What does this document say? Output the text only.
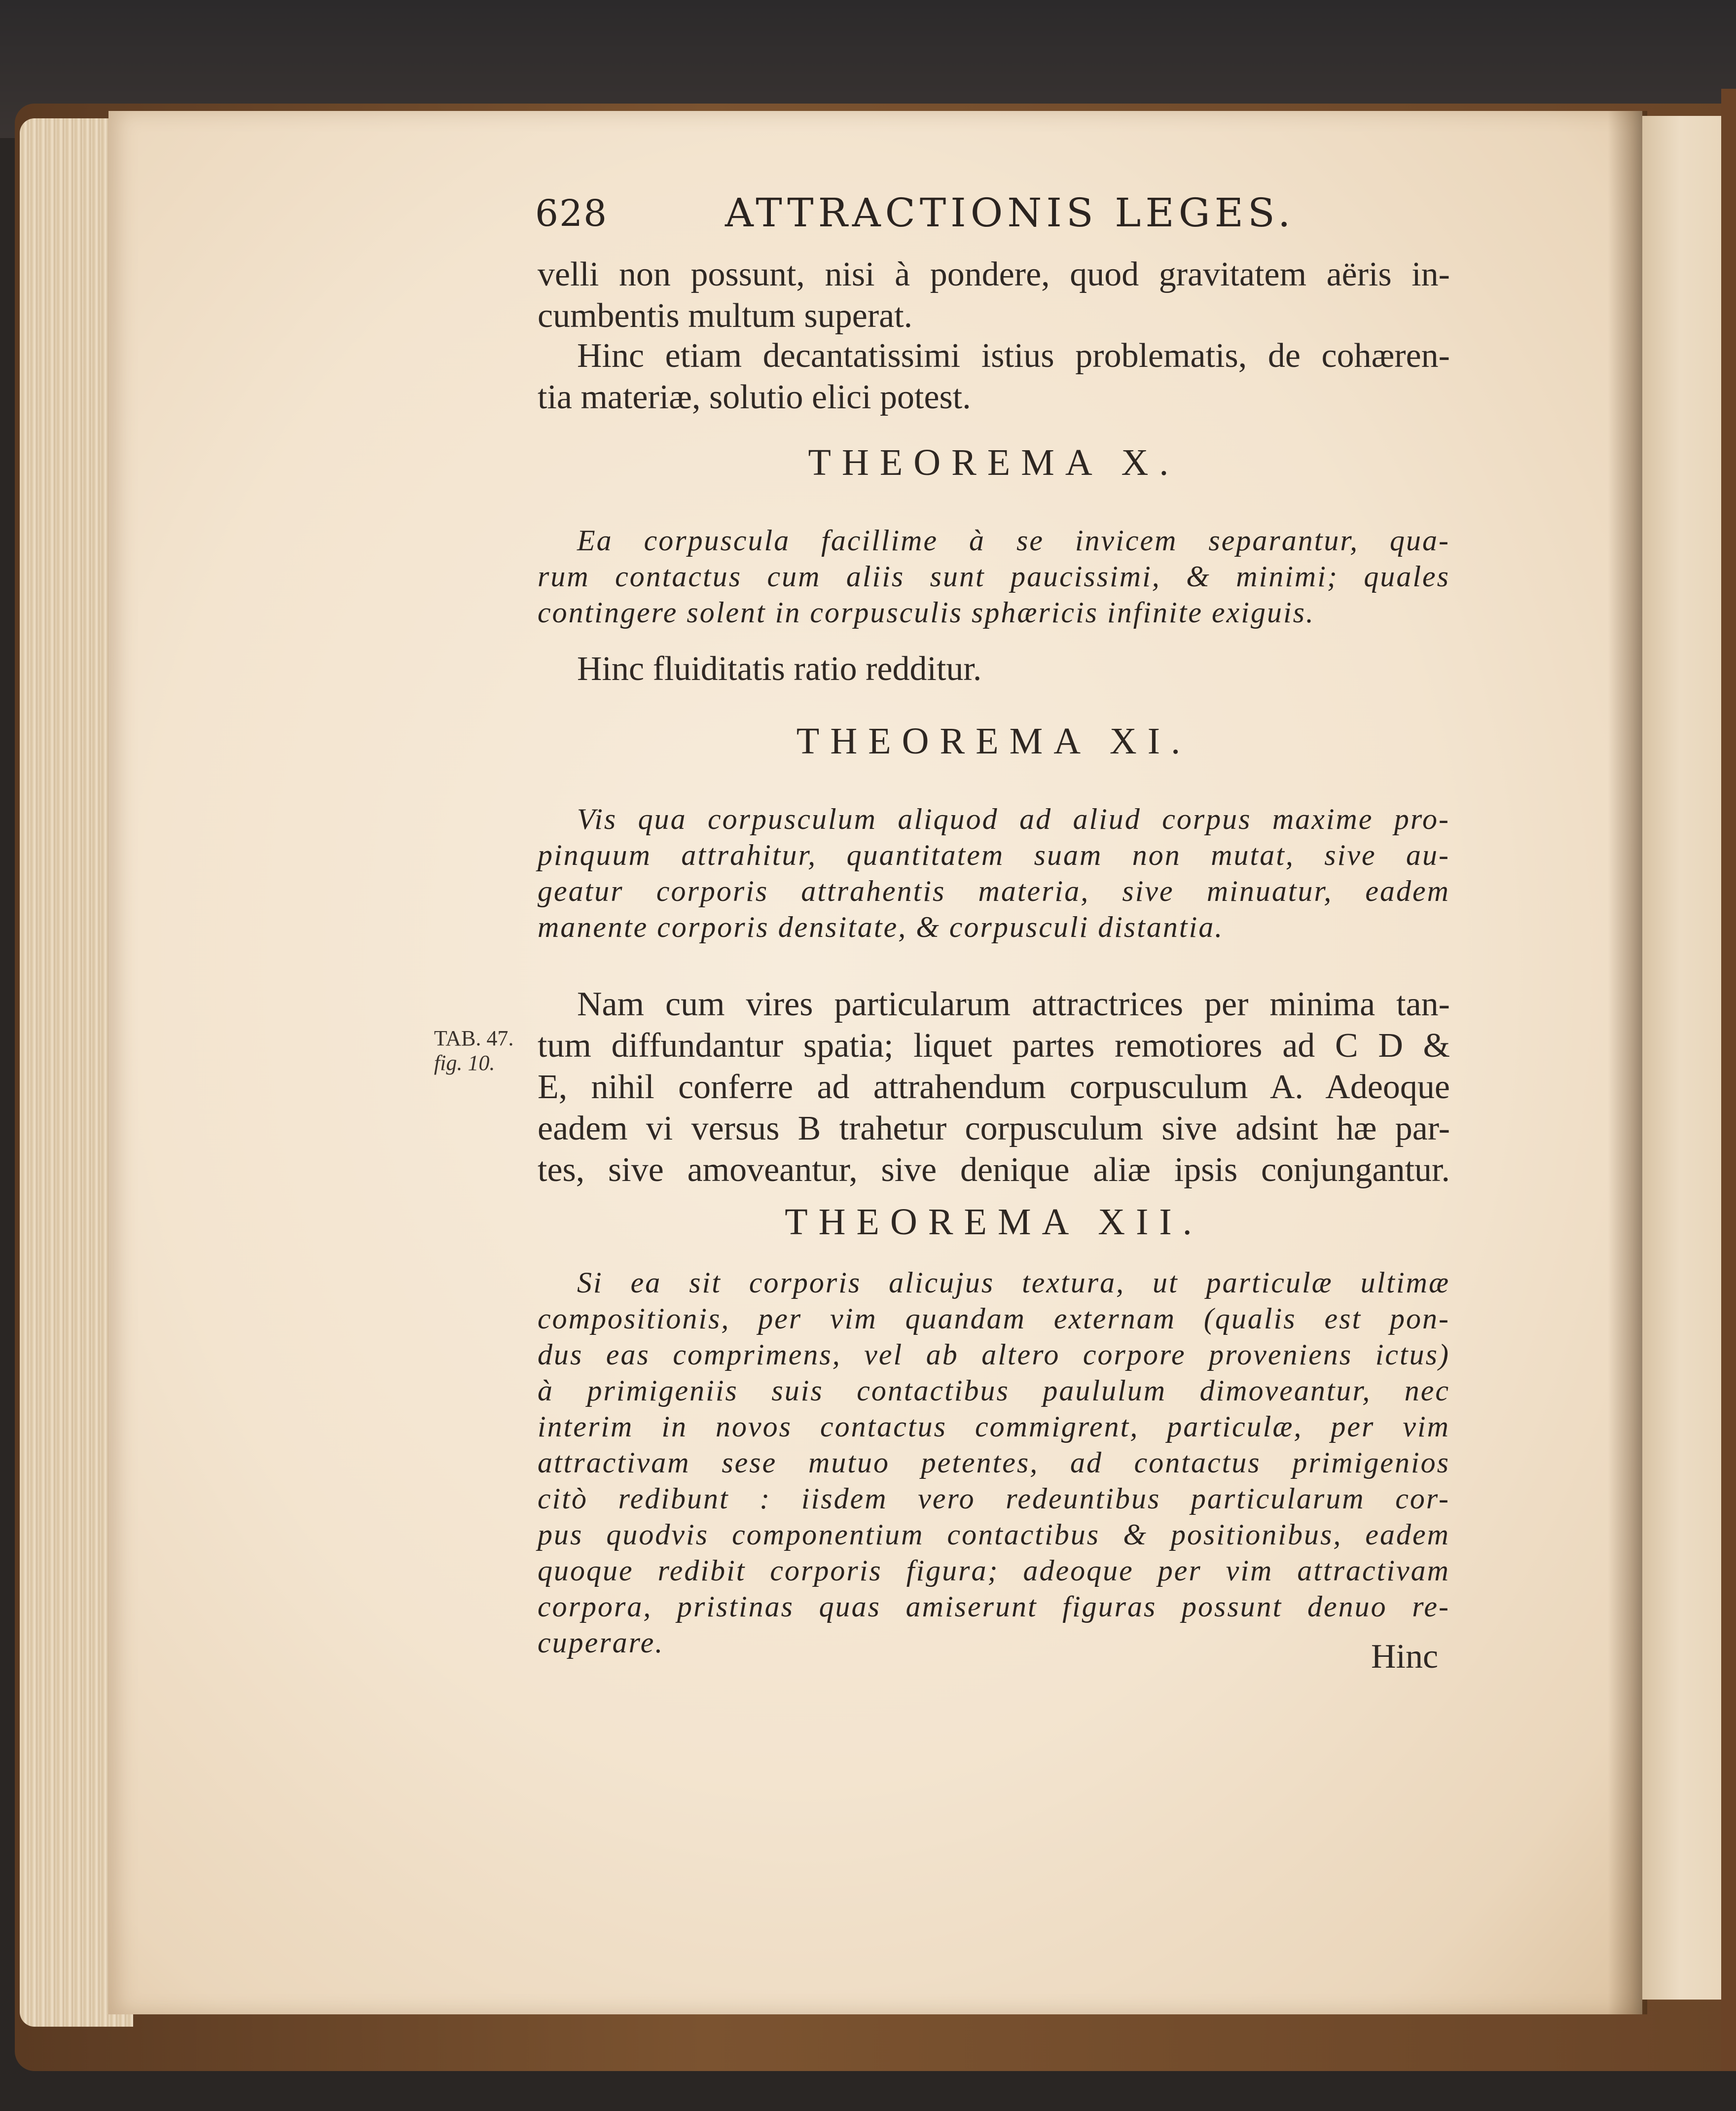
628	ATTRACTIONIS LEGES.
velli non possunt, nisi à pondere, quod gravitatem aëris in-
cumbentis multum superat.
Hinc etiam decantatissimi istius problematis, de cohæren-
tia materiæ, solutio elici potest.
THEOREMA X.
Ea corpuscula facillime à se invicem separantur, qua-
rum contactus cum aliis sunt paucissimi, & minimi; quales
contingere solent in corpusculis sphæricis infinite exiguis.
Hinc fluiditatis ratio redditur.
THEOREMA XI.
Vis qua corpusculum aliquod ad aliud corpus maxime pro-
pinquum attrahitur, quantitatem suam non mutat, sive au-
geatur corporis attrahentis materia, sive minuatur, eadem
manente corporis densitate, & corpusculi distantia.
TAB. 47.
fig. 10.
Nam cum vires particularum attractrices per minima tan-
tum diffundantur spatia; liquet partes remotiores ad C D &
E, nihil conferre ad attrahendum corpusculum A. Adeoque
eadem vi versus B trahetur corpusculum sive adsint hæ par-
tes, sive amoveantur, sive denique aliæ ipsis conjungantur.
THEOREMA XII.
Si ea sit corporis alicujus textura, ut particulæ ultimæ
compositionis, per vim quandam externam (qualis est pon-
dus eas comprimens, vel ab altero corpore proveniens ictus)
à primigeniis suis contactibus paululum dimoveantur, nec
interim in novos contactus commigrent, particulæ, per vim
attractivam sese mutuo petentes, ad contactus primigenios
citò redibunt : iisdem vero redeuntibus particularum cor-
pus quodvis componentium contactibus & positionibus, eadem
quoque redibit corporis figura; adeoque per vim attractivam
corpora, pristinas quas amiserunt figuras possunt denuo re-
cuperare.	Hinc
